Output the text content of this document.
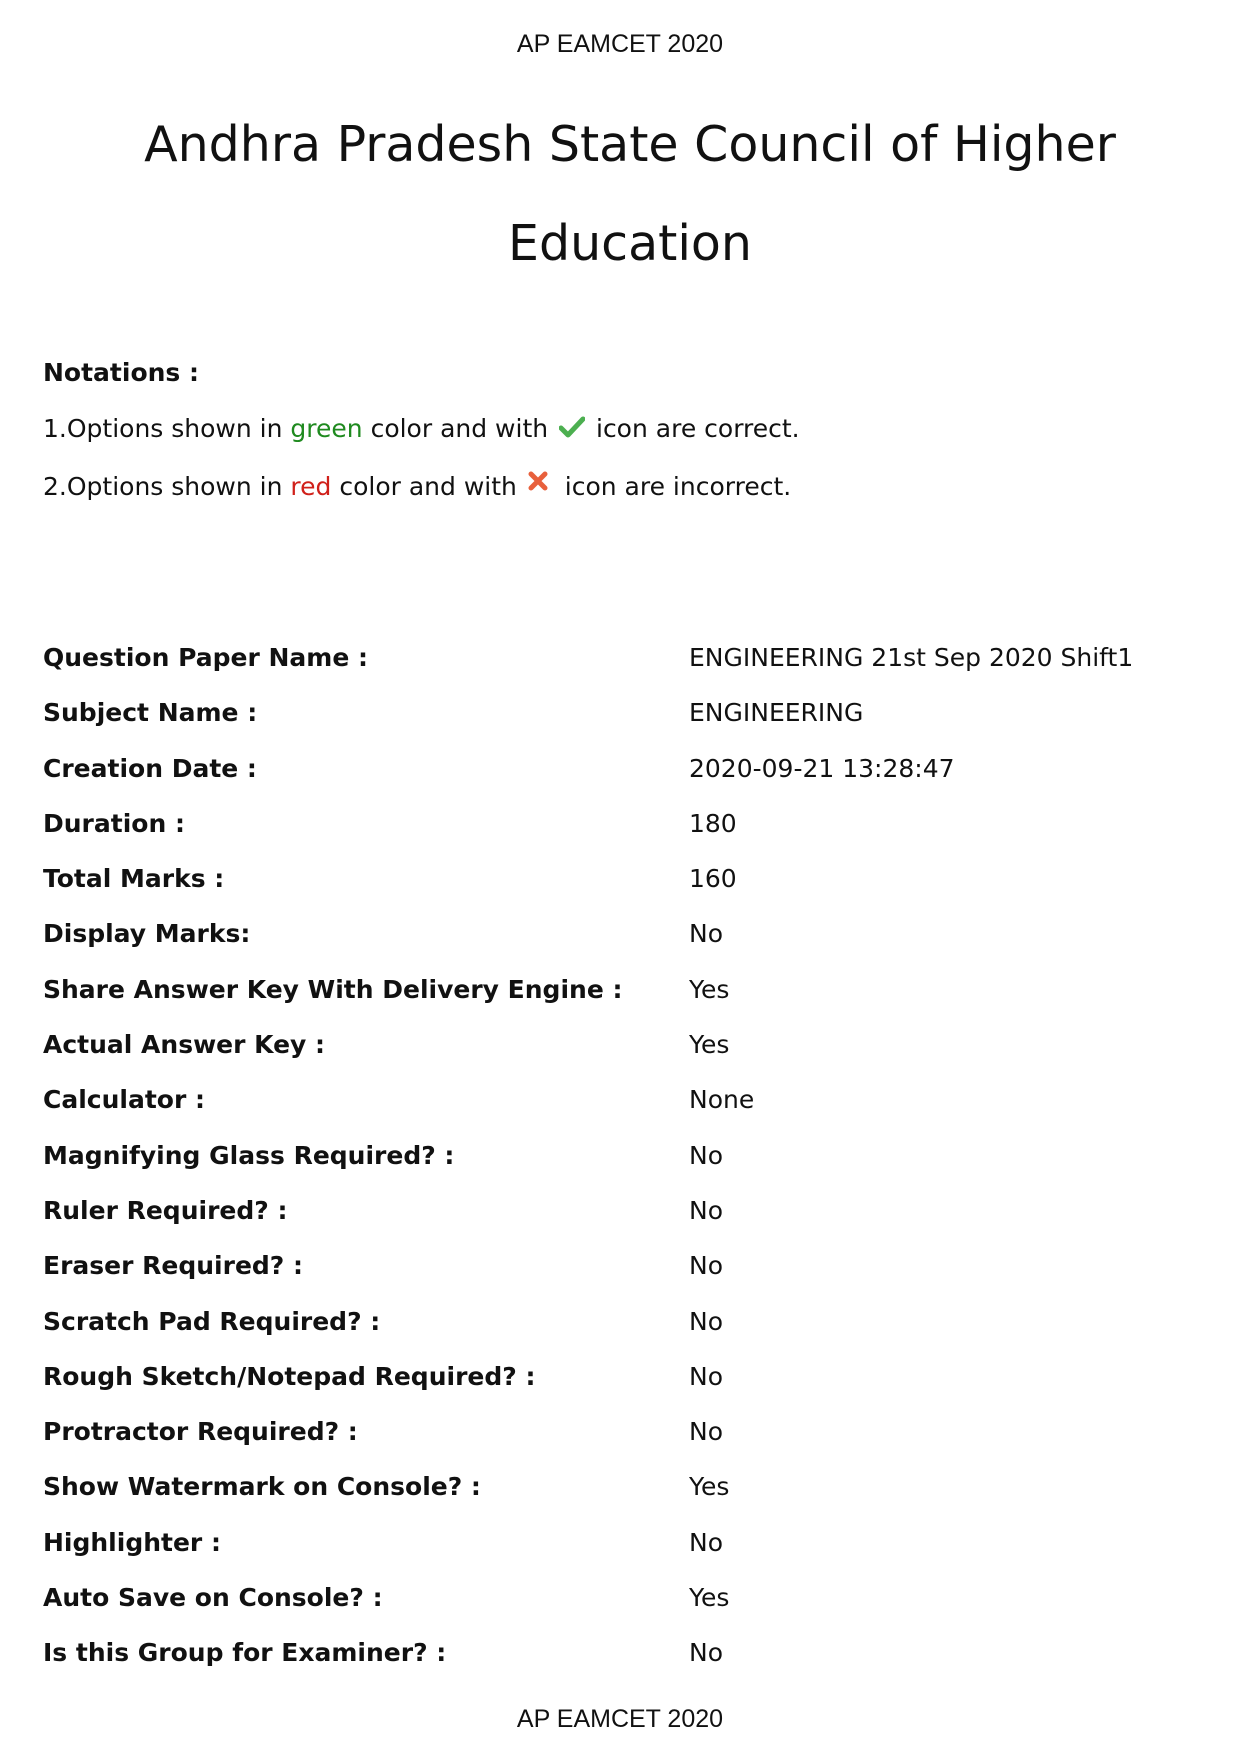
AP EAMCET 2020
Andhra Pradesh State Council of Higher Education
Notations :
1.Options shown in green color and with  icon are correct.
2.Options shown in red color and with  icon are incorrect.
Question Paper Name :	ENGINEERING 21st Sep 2020 Shift1
Subject Name :	ENGINEERING
Creation Date :	2020-09-21 13:28:47
Duration :	180
Total Marks :	160
Display Marks:	No
Share Answer Key With Delivery Engine :	Yes
Actual Answer Key :	Yes
Calculator :	None
Magnifying Glass Required? :	No
Ruler Required? :	No
Eraser Required? :	No
Scratch Pad Required? :	No
Rough Sketch/Notepad Required? :	No
Protractor Required? :	No
Show Watermark on Console? :	Yes
Highlighter :	No
Auto Save on Console? :	Yes
Is this Group for Examiner? :	No
AP EAMCET 2020
